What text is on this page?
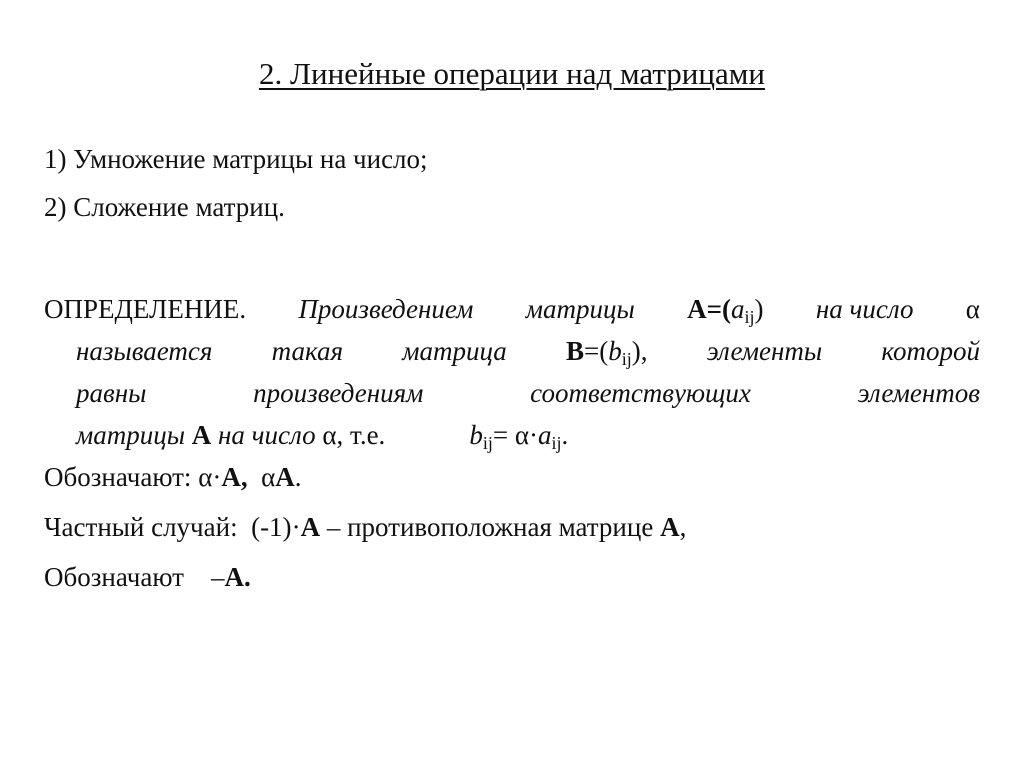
2. Линейные операции над матрицами
1) Умножение матрицы на число;
2) Сложение матриц.
ОПРЕДЕЛЕНИЕ. Произведением матрицы $A=(a_{ij})$ на число α
называется такая матрица $B=(b_{ij})$, элементы которой
равны	произведениям	соответствующих	элементов
матрицы
A
на число
α ,
т.е.	$b_{ij}= \alpha\cdot a_{ij}$.
Обозначают: α·A, αA.
Частный случай: (-1)·A – противоположная матрице A,
Обозначают –A.
